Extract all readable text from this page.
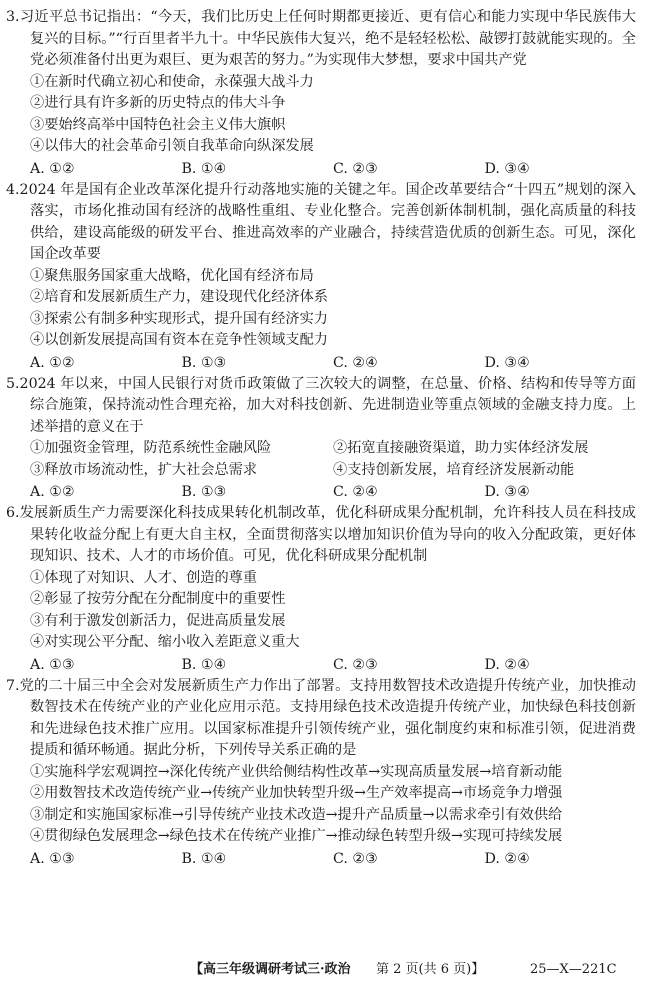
3.习近平总书记指出：“今天，我们比历史上任何时期都更接近、更有信心和能力实现中华民族伟大复兴的目标。”“行百里者半九十。中华民族伟大复兴，绝不是轻轻松松、敲锣打鼓就能实现的。全党必须准备付出更为艰巨、更为艰苦的努力。”为实现伟大梦想，要求中国共产党
①在新时代确立初心和使命，永葆强大战斗力
②进行具有许多新的历史特点的伟大斗争
③要始终高举中国特色社会主义伟大旗帜
④以伟大的社会革命引领自我革命向纵深发展
A. ①②	B. ①④	C. ②③	D. ③④
4.2024 年是国有企业改革深化提升行动落地实施的关键之年。国企改革要结合“十四五”规划的深入落实，市场化推动国有经济的战略性重组、专业化整合。完善创新体制机制，强化高质量的科技供给，建设高能级的研发平台、推进高效率的产业融合，持续营造优质的创新生态。可见，深化国企改革要
①聚焦服务国家重大战略，优化国有经济布局
②培育和发展新质生产力，建设现代化经济体系
③探索公有制多种实现形式，提升国有经济实力
④以创新发展提高国有资本在竞争性领域支配力
A. ①②	B. ①③	C. ②④	D. ③④
5.2024 年以来，中国人民银行对货币政策做了三次较大的调整，在总量、价格、结构和传导等方面综合施策，保持流动性合理充裕，加大对科技创新、先进制造业等重点领域的金融支持力度。上述举措的意义在于
①加强资金管理，防范系统性金融风险	②拓宽直接融资渠道，助力实体经济发展
③释放市场流动性，扩大社会总需求	④支持创新发展，培育经济发展新动能
A. ①②	B. ①③	C. ②④	D. ③④
6.发展新质生产力需要深化科技成果转化机制改革，优化科研成果分配机制，允许科技人员在科技成果转化收益分配上有更大自主权，全面贯彻落实以增加知识价值为导向的收入分配政策，更好体现知识、技术、人才的市场价值。可见，优化科研成果分配机制
①体现了对知识、人才、创造的尊重
②彰显了按劳分配在分配制度中的重要性
③有利于激发创新活力，促进高质量发展
④对实现公平分配、缩小收入差距意义重大
A. ①③	B. ①④	C. ②③	D. ②④
7.党的二十届三中全会对发展新质生产力作出了部署。支持用数智技术改造提升传统产业，加快推动数智技术在传统产业的产业化应用示范。支持用绿色技术改造提升传统产业，加快绿色科技创新和先进绿色技术推广应用。以国家标准提升引领传统产业，强化制度约束和标准引领，促进消费提质和循环畅通。据此分析，下列传导关系正确的是
①实施科学宏观调控→深化传统产业供给侧结构性改革→实现高质量发展→培育新动能
②用数智技术改造传统产业→传统产业加快转型升级→生产效率提高→市场竞争力增强
③制定和实施国家标准→引导传统产业技术改造→提升产品质量→以需求牵引有效供给
④贯彻绿色发展理念→绿色技术在传统产业推广→推动绿色转型升级→实现可持续发展
A. ①③	B. ①④	C. ②③	D. ②④
【高三年级调研考试三·政治 第 2 页(共 6 页)】	25—X—221C
